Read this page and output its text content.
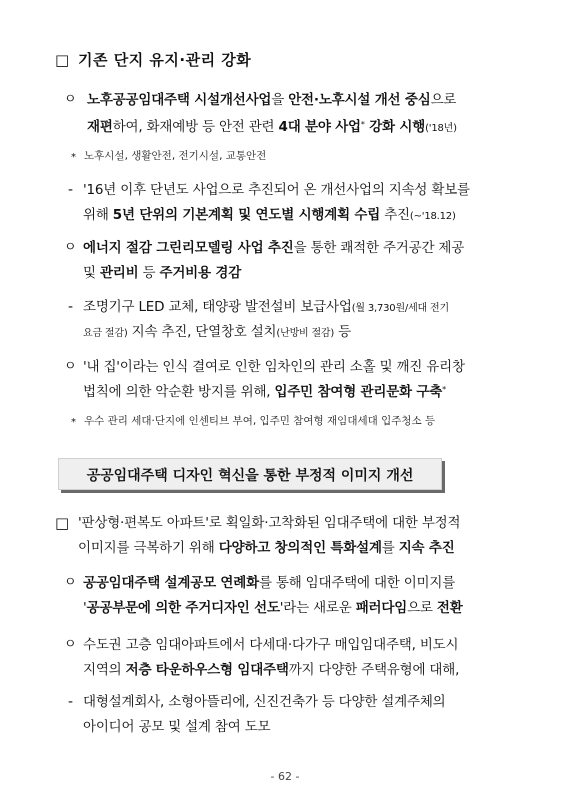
□ 기존 단지 유지·관리 강화
ㅇ 노후공공임대주택 시설개선사업을 안전·노후시설 개선 중심으로
재편하여, 화재예방 등 안전 관련 4대 분야 사업* 강화 시행('18년)
* 노후시설, 생활안전, 전기시설, 교통안전
- '16년 이후 단년도 사업으로 추진되어 온 개선사업의 지속성 확보를
위해 5년 단위의 기본계획 및 연도별 시행계획 수립 추진(~'18.12)
ㅇ 에너지 절감 그린리모델링 사업 추진을 통한 쾌적한 주거공간 제공
및 관리비 등 주거비용 경감
- 조명기구 LED 교체, 태양광 발전설비 보급사업(월 3,730원/세대 전기
요금 절감) 지속 추진, 단열창호 설치(난방비 절감) 등
ㅇ '내 집'이라는 인식 결여로 인한 임차인의 관리 소홀 및 깨진 유리창
법칙에 의한 악순환 방지를 위해, 입주민 참여형 관리문화 구축*
* 우수 관리 세대·단지에 인센티브 부여, 입주민 참여형 재임대세대 입주청소 등
공공임대주택 디자인 혁신을 통한 부정적 이미지 개선
□ '판상형·편복도 아파트'로 획일화·고착화된 임대주택에 대한 부정적
이미지를 극복하기 위해 다양하고 창의적인 특화설계를 지속 추진
ㅇ 공공임대주택 설계공모 연례화를 통해 임대주택에 대한 이미지를
'공공부문에 의한 주거디자인 선도'라는 새로운 패러다임으로 전환
ㅇ 수도권 고층 임대아파트에서 다세대·다가구 매입임대주택, 비도시
지역의 저층 타운하우스형 임대주택까지 다양한 주택유형에 대해,
- 대형설계회사, 소형아뜰리에, 신진건축가 등 다양한 설계주체의
아이디어 공모 및 설계 참여 도모
- 62 -
